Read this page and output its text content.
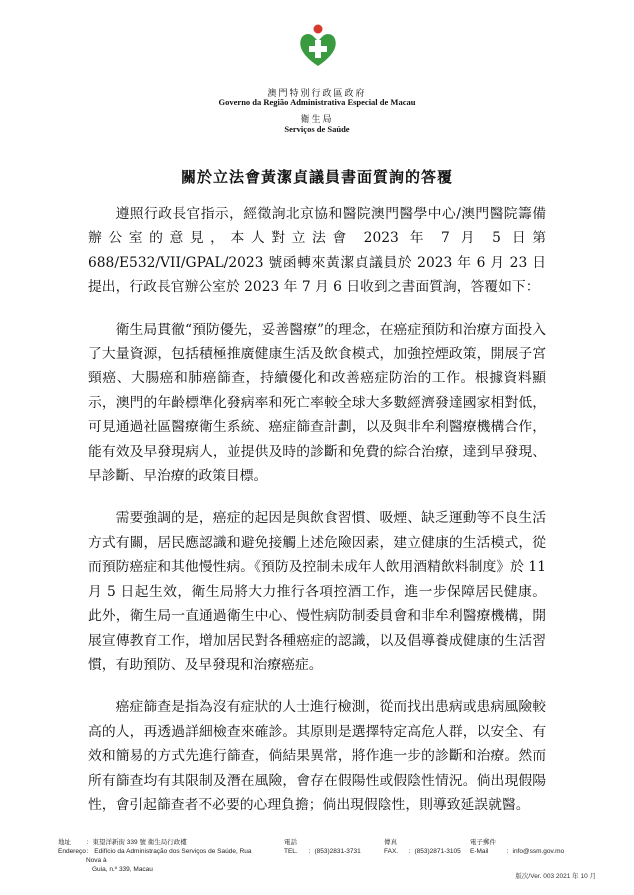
澳門特別行政區政府
Governo da Região Administrativa Especial de Macau
衛生局
Serviços de Saúde
關於立法會黃潔貞議員書面質詢的答覆

遵照行政長官指示，經徵詢北京協和醫院澳門醫學中心/澳門醫院籌備辦公室的意見，本人對立法會 2023 年 7 月 5 日第 688/E532/VII/GPAL/2023 號函轉來黃潔貞議員於 2023 年 6 月 23 日提出，行政長官辦公室於 2023 年 7 月 6 日收到之書面質詢，答覆如下：

衛生局貫徹“預防優先，妥善醫療”的理念，在癌症預防和治療方面投入了大量資源，包括積極推廣健康生活及飲食模式，加強控煙政策，開展子宮頸癌、大腸癌和肺癌篩查，持續優化和改善癌症防治的工作。根據資料顯示，澳門的年齡標準化發病率和死亡率較全球大多數經濟發達國家相對低，可見通過社區醫療衛生系統、癌症篩查計劃，以及與非牟利醫療機構合作，能有效及早發現病人，並提供及時的診斷和免費的綜合治療，達到早發現、早診斷、早治療的政策目標。

需要強調的是，癌症的起因是與飲食習慣、吸煙、缺乏運動等不良生活方式有關，居民應認識和避免接觸上述危險因素，建立健康的生活模式，從而預防癌症和其他慢性病。《預防及控制未成年人飲用酒精飲料制度》於 11 月 5 日起生效，衛生局將大力推行各項控酒工作，進一步保障居民健康。此外，衛生局一直通過衛生中心、慢性病防制委員會和非牟利醫療機構，開展宣傳教育工作，增加居民對各種癌症的認識，以及倡導養成健康的生活習慣，有助預防、及早發現和治療癌症。

癌症篩查是指為沒有症狀的人士進行檢測，從而找出患病或患病風險較高的人，再透過詳細檢查來確診。其原則是選擇特定高危人群，以安全、有效和簡易的方式先進行篩查，倘結果異常，將作進一步的診斷和治療。然而所有篩查均有其限制及潛在風險，會存在假陽性或假陰性情況。倘出現假陽性，會引起篩查者不必要的心理負擔；倘出現假陰性，則導致延誤就醫。

地址
Endereço
：東望洋新街 339 號 衛生局行政樓
： Edifício da Administração dos Serviços de Saúde, Rua Nova à
Guia, n.º 339, Macau
電話
TEL. ：(853)2831-3731
傳真
FAX. ：(853)2871-3105
電子郵件
E-Mail	：info@ssm.gov.mo
版次/Ver. 003 2021 年 10 月
